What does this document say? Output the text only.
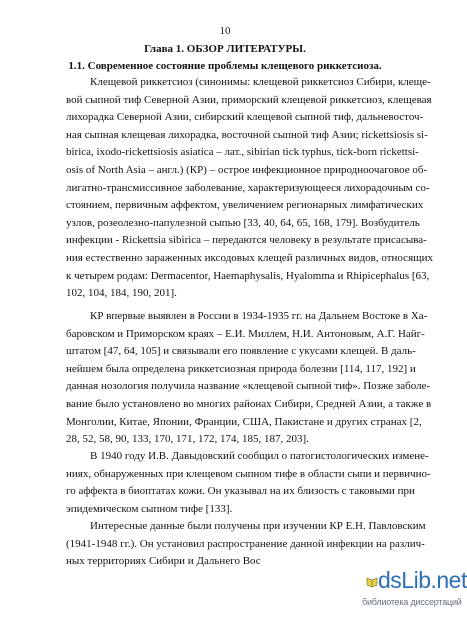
10
Глава 1. ОБЗОР ЛИТЕРАТУРЫ.
1.1. Современное состояние проблемы клещевого риккетсиоза.
Клещевой риккетсиоз (синонимы: клещевой риккетсиоз Сибири, клеще-
вой сыпной тиф Северной Азии, приморский клещевой риккетсиоз, клещевая
лихорадка Северной Азии, сибирский клещевой сыпной тиф, дальневосточ-
ная сыпная клещевая лихорадка, восточной сыпной тиф Азии; rickettsiosis si-
birica, ixodo-rickettsiosis asiatica – лат., sibirian tick typhus, tick-born rickettsi-
osis of North Asia – англ.) (КР) – острое инфекционное природноочаговое об-
лигатно-трансмиссивное заболевание, характеризующееся лихорадочным со-
стоянием, первичным аффектом, увеличением регионарных лимфатических
узлов, розеолезно-папулезной сыпью [33, 40, 64, 65, 168, 179]. Возбудитель
инфекции - Rickettsia sibirica – передаются человеку в результате присасыва-
ния естественно зараженных иксодовых клещей различных видов, относящих
к четырем родам: Dermacentor, Haemaphysalis, Hyalomma и Rhipicephalus [63,
102, 104, 184, 190, 201].
КР впервые выявлен в России в 1934-1935 гг. на Дальнем Востоке в Ха-
баровском и Приморском краях – Е.И. Миллем, Н.И. Антоновым, А.Г. Найг-
штатом [47, 64, 105] и связывали его появление с укусами клещей. В даль-
нейшем была определена риккетсиозная природа болезни [114, 117, 192] и
данная нозология получила название «клещевой сыпной тиф». Позже заболе-
вание было установлено во многих районах Сибири, Средней Азии, а также в
Монголии, Китае, Японии, Франции, США, Пакистане и других странах [2,
28, 52, 58, 90, 133, 170, 171, 172, 174, 185, 187, 203].
В 1940 году И.В. Давыдовский сообщил о патогистологических измене-
ниях, обнаруженных при клещевом сыпном тифе в области сыпи и первично-
го аффекта в биоптатах кожи. Он указывал на их близость с таковыми при
эпидемическом сыпном тифе [133].
Интересные данные были получены при изучении КР Е.Н. Павловским
(1941-1948 гг.). Он установил распространение данной инфекции на различ-
ных территориях Сибири и Дальнего Вос
dsLib.net
библиотека диссертаций
